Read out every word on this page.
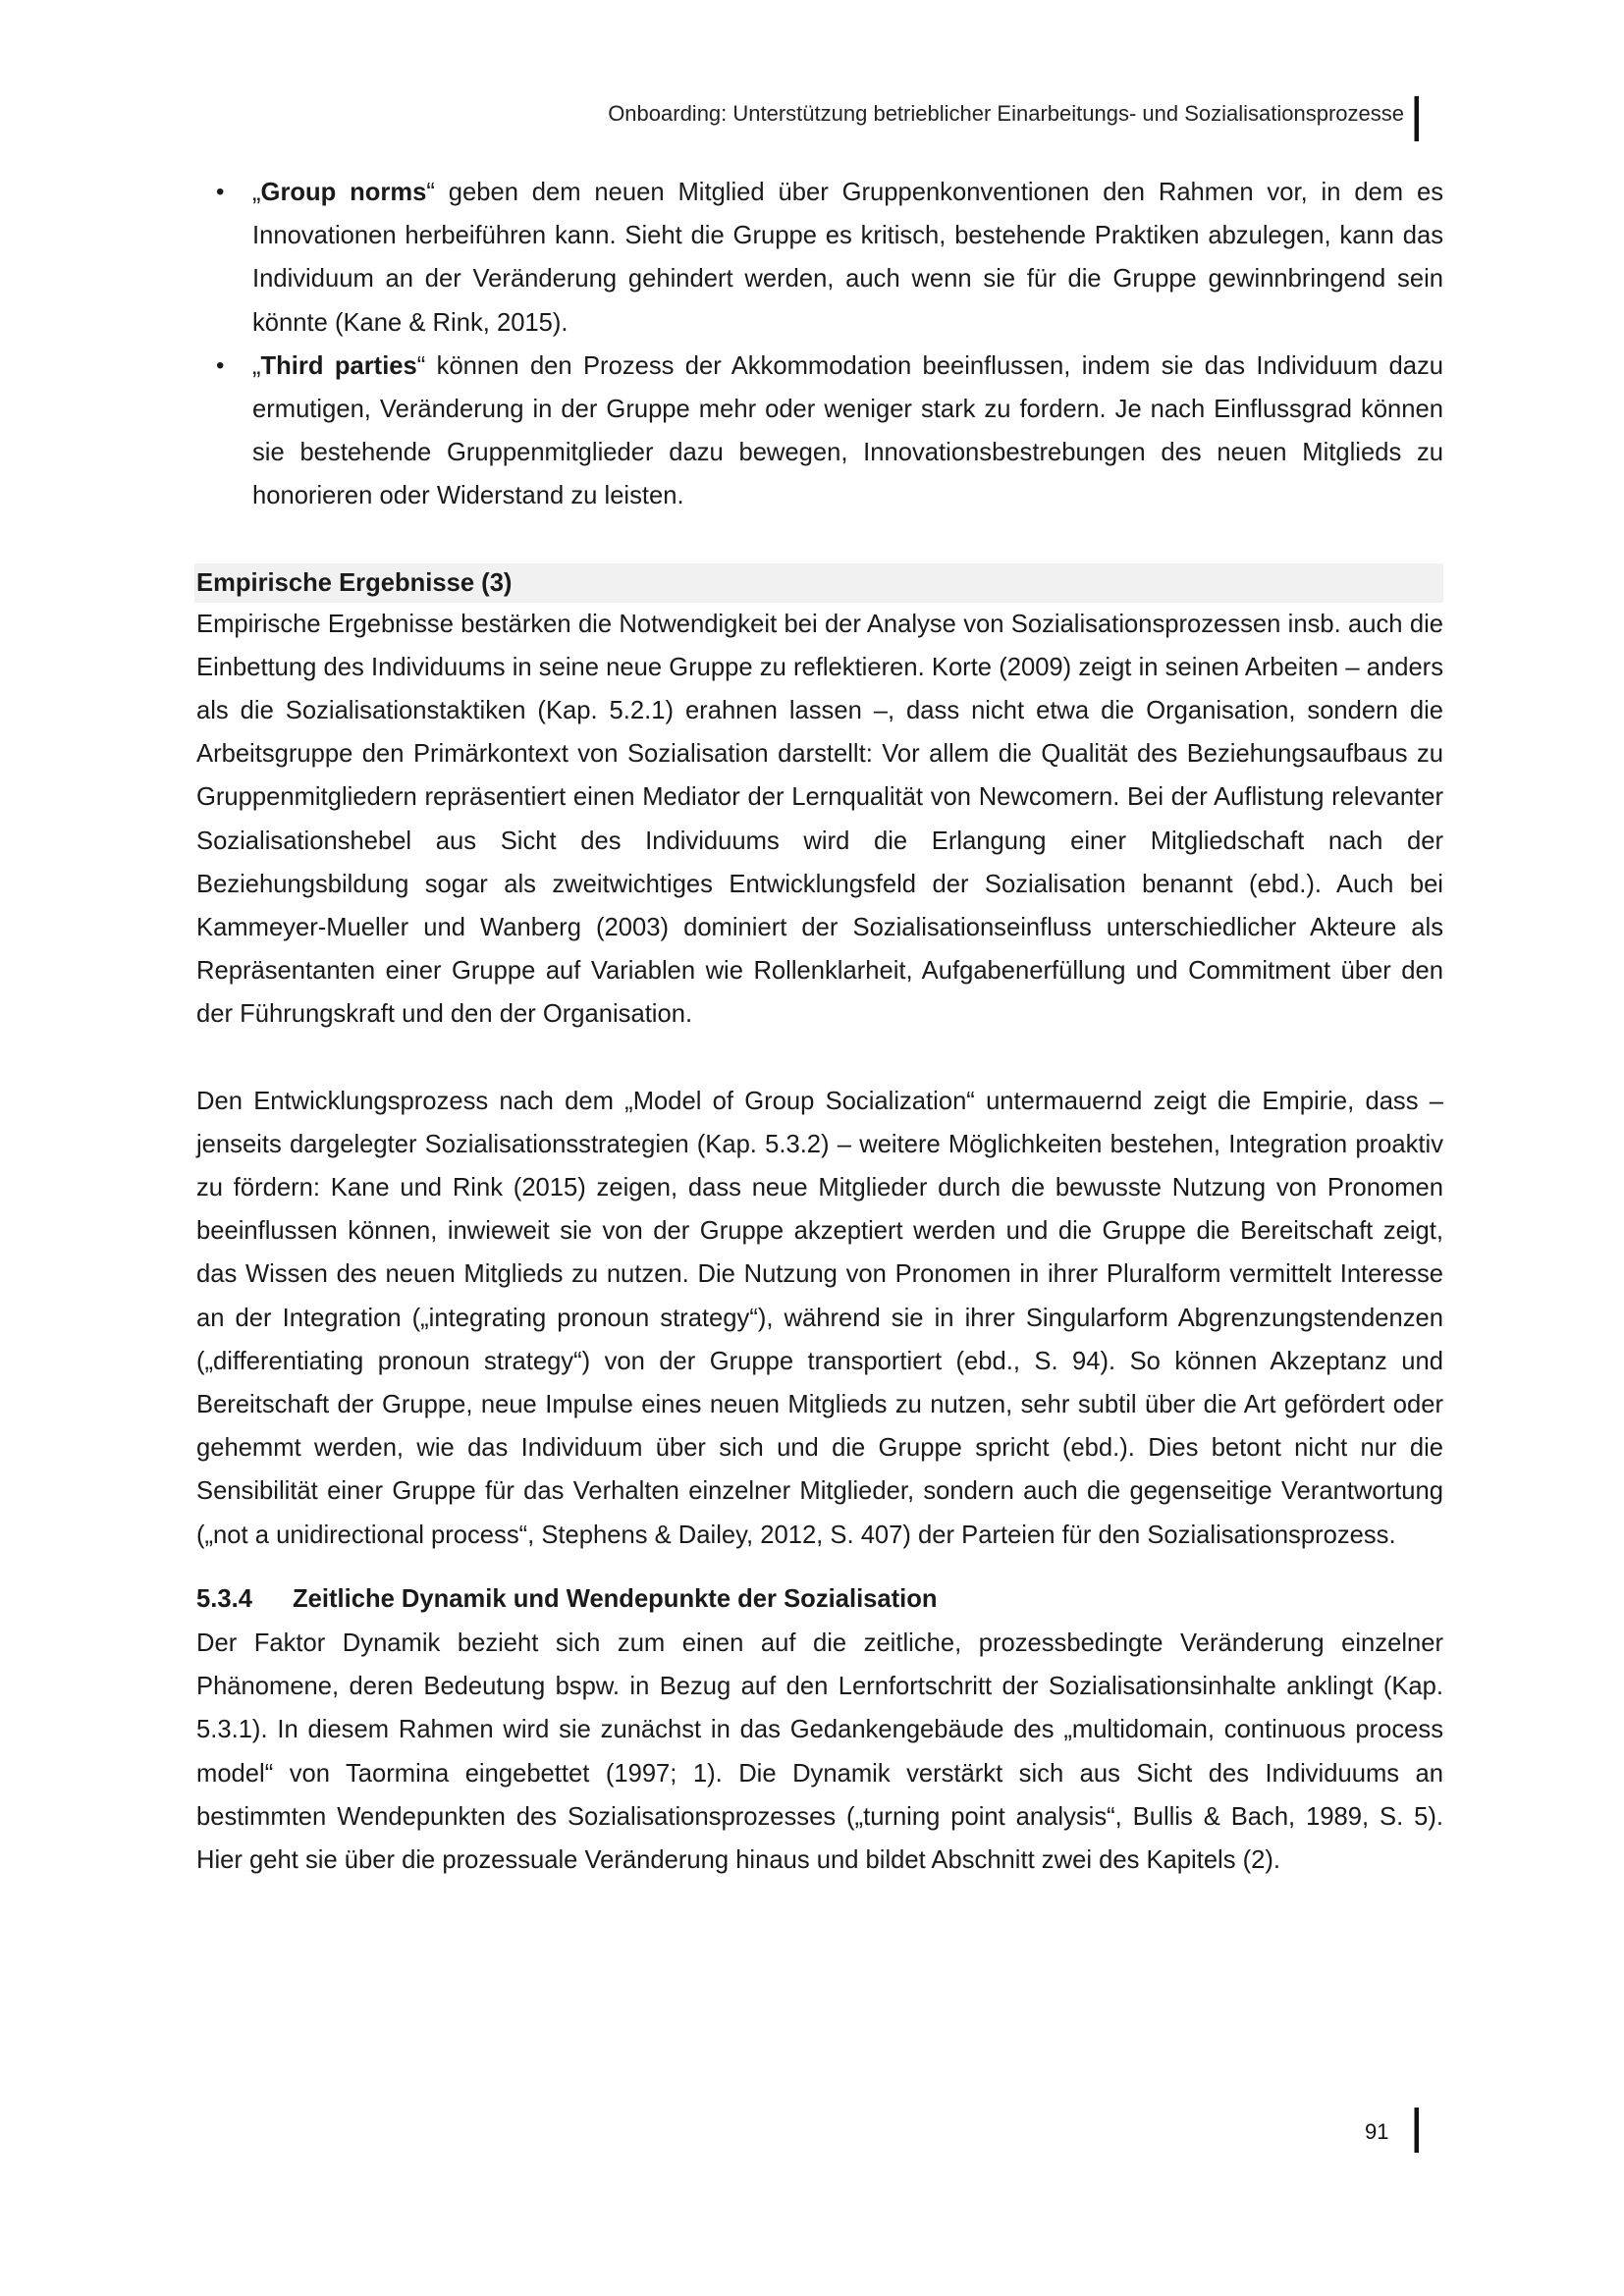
Onboarding: Unterstützung betrieblicher Einarbeitungs- und Sozialisationsprozesse
• „Group norms“ geben dem neuen Mitglied über Gruppenkonventionen den Rahmen vor, in dem es Innovationen herbeiführen kann. Sieht die Gruppe es kritisch, bestehende Praktiken abzulegen, kann das Individuum an der Veränderung gehindert werden, auch wenn sie für die Gruppe gewinnbringend sein könnte (Kane & Rink, 2015).
• „Third parties“ können den Prozess der Akkommodation beeinflussen, indem sie das Individuum dazu ermutigen, Veränderung in der Gruppe mehr oder weniger stark zu fordern. Je nach Einflussgrad können sie bestehende Gruppenmitglieder dazu bewegen, Innovationsbestrebungen des neuen Mitglieds zu honorieren oder Widerstand zu leisten.
Empirische Ergebnisse (3)

Empirische Ergebnisse bestärken die Notwendigkeit bei der Analyse von Sozialisationsprozessen insb. auch die Einbettung des Individuums in seine neue Gruppe zu reflektieren. Korte (2009) zeigt in seinen Arbeiten – anders als die Sozialisationstaktiken (Kap. 5.2.1) erahnen lassen –, dass nicht etwa die Organisation, sondern die Arbeitsgruppe den Primärkontext von Sozialisation darstellt: Vor allem die Qualität des Beziehungsaufbaus zu Gruppenmitgliedern repräsentiert einen Mediator der Lernqualität von Newcomern. Bei der Auflistung relevanter Sozialisationshebel aus Sicht des Individuums wird die Erlangung einer Mitgliedschaft nach der Beziehungsbildung sogar als zweitwichtiges Entwicklungsfeld der Sozialisation benannt (ebd.). Auch bei Kammeyer-Mueller und Wanberg (2003) dominiert der Sozialisationseinfluss unterschiedlicher Akteure als Repräsentanten einer Gruppe auf Variablen wie Rollenklarheit, Aufgabenerfüllung und Commitment über den der Führungskraft und den der Organisation.

Den Entwicklungsprozess nach dem „Model of Group Socialization“ untermauernd zeigt die Empirie, dass – jenseits dargelegter Sozialisationsstrategien (Kap. 5.3.2) – weitere Möglichkeiten bestehen, Integration proaktiv zu fördern: Kane und Rink (2015) zeigen, dass neue Mitglieder durch die bewusste Nutzung von Pronomen beeinflussen können, inwieweit sie von der Gruppe akzeptiert werden und die Gruppe die Bereitschaft zeigt, das Wissen des neuen Mitglieds zu nutzen. Die Nutzung von Pronomen in ihrer Pluralform vermittelt Interesse an der Integration („integrating pronoun strategy“), während sie in ihrer Singularform Abgrenzungstendenzen („differentiating pronoun strategy“) von der Gruppe transportiert (ebd., S. 94). So können Akzeptanz und Bereitschaft der Gruppe, neue Impulse eines neuen Mitglieds zu nutzen, sehr subtil über die Art gefördert oder gehemmt werden, wie das Individuum über sich und die Gruppe spricht (ebd.). Dies betont nicht nur die Sensibilität einer Gruppe für das Verhalten einzelner Mitglieder, sondern auch die gegenseitige Verantwortung („not a unidirectional process“, Stephens & Dailey, 2012, S. 407) der Parteien für den Sozialisationsprozess.

5.3.4 Zeitliche Dynamik und Wendepunkte der Sozialisation

Der Faktor Dynamik bezieht sich zum einen auf die zeitliche, prozessbedingte Veränderung einzelner Phänomene, deren Bedeutung bspw. in Bezug auf den Lernfortschritt der Sozialisationsinhalte anklingt (Kap. 5.3.1). In diesem Rahmen wird sie zunächst in das Gedankengebäude des „multidomain, continuous process model“ von Taormina eingebettet (1997; 1). Die Dynamik verstärkt sich aus Sicht des Individuums an bestimmten Wendepunkten des Sozialisationsprozesses („turning point analysis“, Bullis & Bach, 1989, S. 5). Hier geht sie über die prozessuale Veränderung hinaus und bildet Abschnitt zwei des Kapitels (2).

91
